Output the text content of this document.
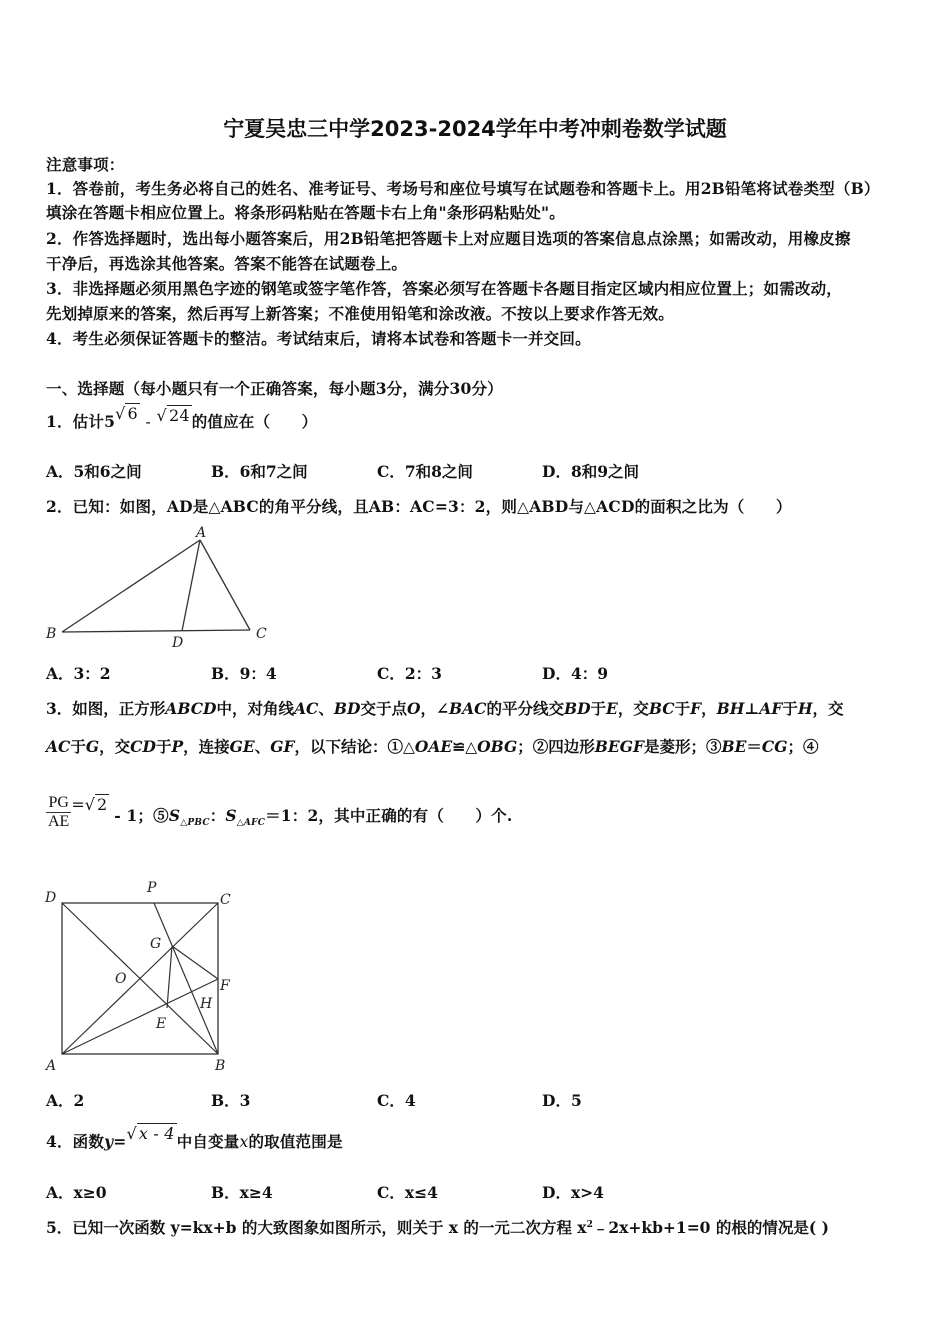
宁夏吴忠三中学2023-2024学年中考冲刺卷数学试题
注意事项：
1．答卷前，考生务必将自己的姓名、准考证号、考场号和座位号填写在试题卷和答题卡上。用2B铅笔将试卷类型（B）
填涂在答题卡相应位置上。将条形码粘贴在答题卡右上角"条形码粘贴处"。
2．作答选择题时，选出每小题答案后，用2B铅笔把答题卡上对应题目选项的答案信息点涂黑；如需改动，用橡皮擦
干净后，再选涂其他答案。答案不能答在试题卷上。
3．非选择题必须用黑色字迹的钢笔或签字笔作答，答案必须写在答题卡各题目指定区域内相应位置上；如需改动，
先划掉原来的答案，然后再写上新答案；不准使用铅笔和涂改液。不按以上要求作答无效。
4．考生必须保证答题卡的整洁。考试结束后，请将本试卷和答题卡一并交回。
一、选择题（每小题只有一个正确答案，每小题3分，满分30分）
1．估计5√ 6 - √ 24 的值应在（　　）
A．5和6之间	B．6和7之间	C．7和8之间	D．8和9之间
2．已知：如图，AD是△ABC的角平分线，且AB：AC=3：2，则△ABD与△ACD的面积之比为（　　）
A
B
D
C
A．3：2	B．9：4	C．2：3	D．4：9
3．如图，正方形ABCD中，对角线AC、BD交于点O，∠BAC的平分线交BD于E，交BC于F，BH⊥AF于H，交
AC于G，交CD于P，连接GE、GF，以下结论：①△OAE≌△OBG；②四边形BEGF是菱形；③BE＝CG；④
$\frac{PG}{AE}$ =√ 2 - 1；$⑤S_{\triangle PBC}$：$S_{\triangle AFC}=1$：2，其中正确的有（　　）个.
D
P
C
G
O	F
H
E
A	B
A．2	B．3	C．4	D．5
4．函数y=√ x - 4 中自变量x的取值范围是
A．x≥0	B．x≥4	C．x≤4	D．x>4
5．已知一次函数 y=kx+b 的大致图象如图所示，则关于 x 的一元二次方程 $x^2﹣2x+kb+1=0$ 的根的情况是( )
